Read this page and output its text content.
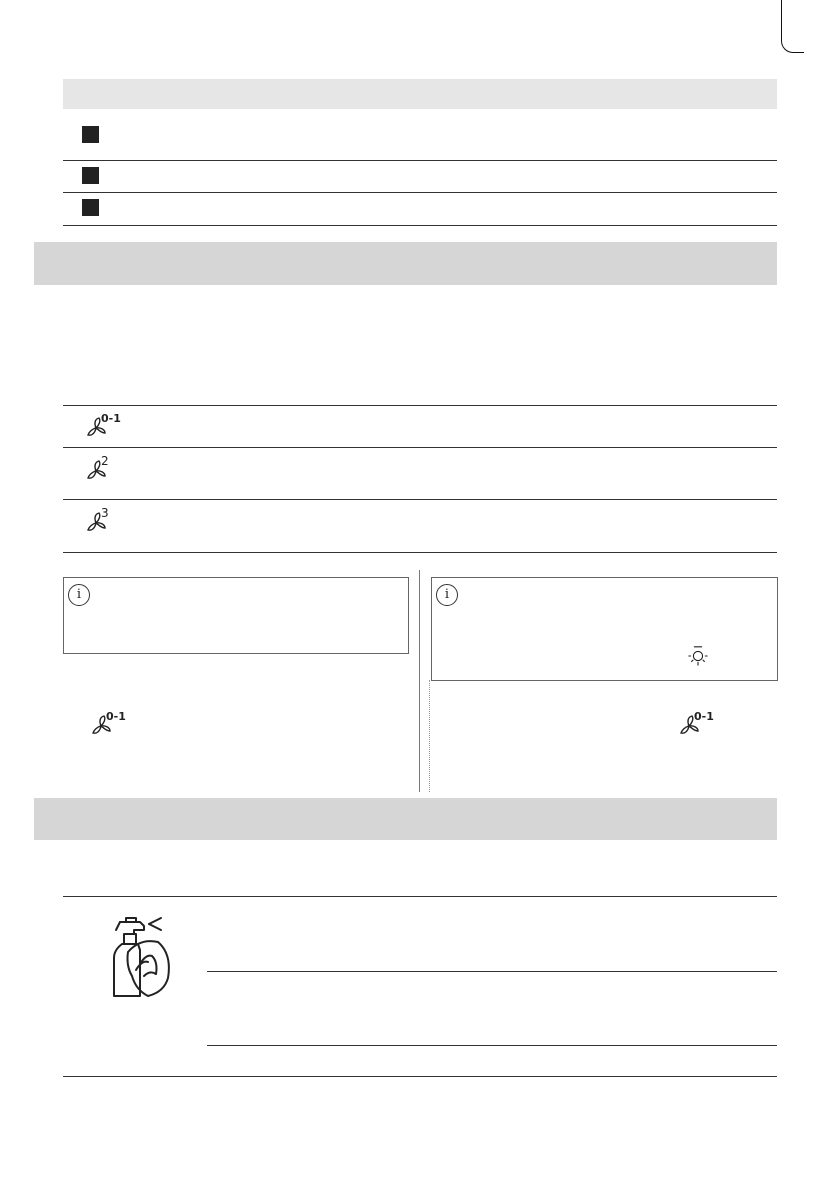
0-1
2
3
i
0-1
i
0-1
